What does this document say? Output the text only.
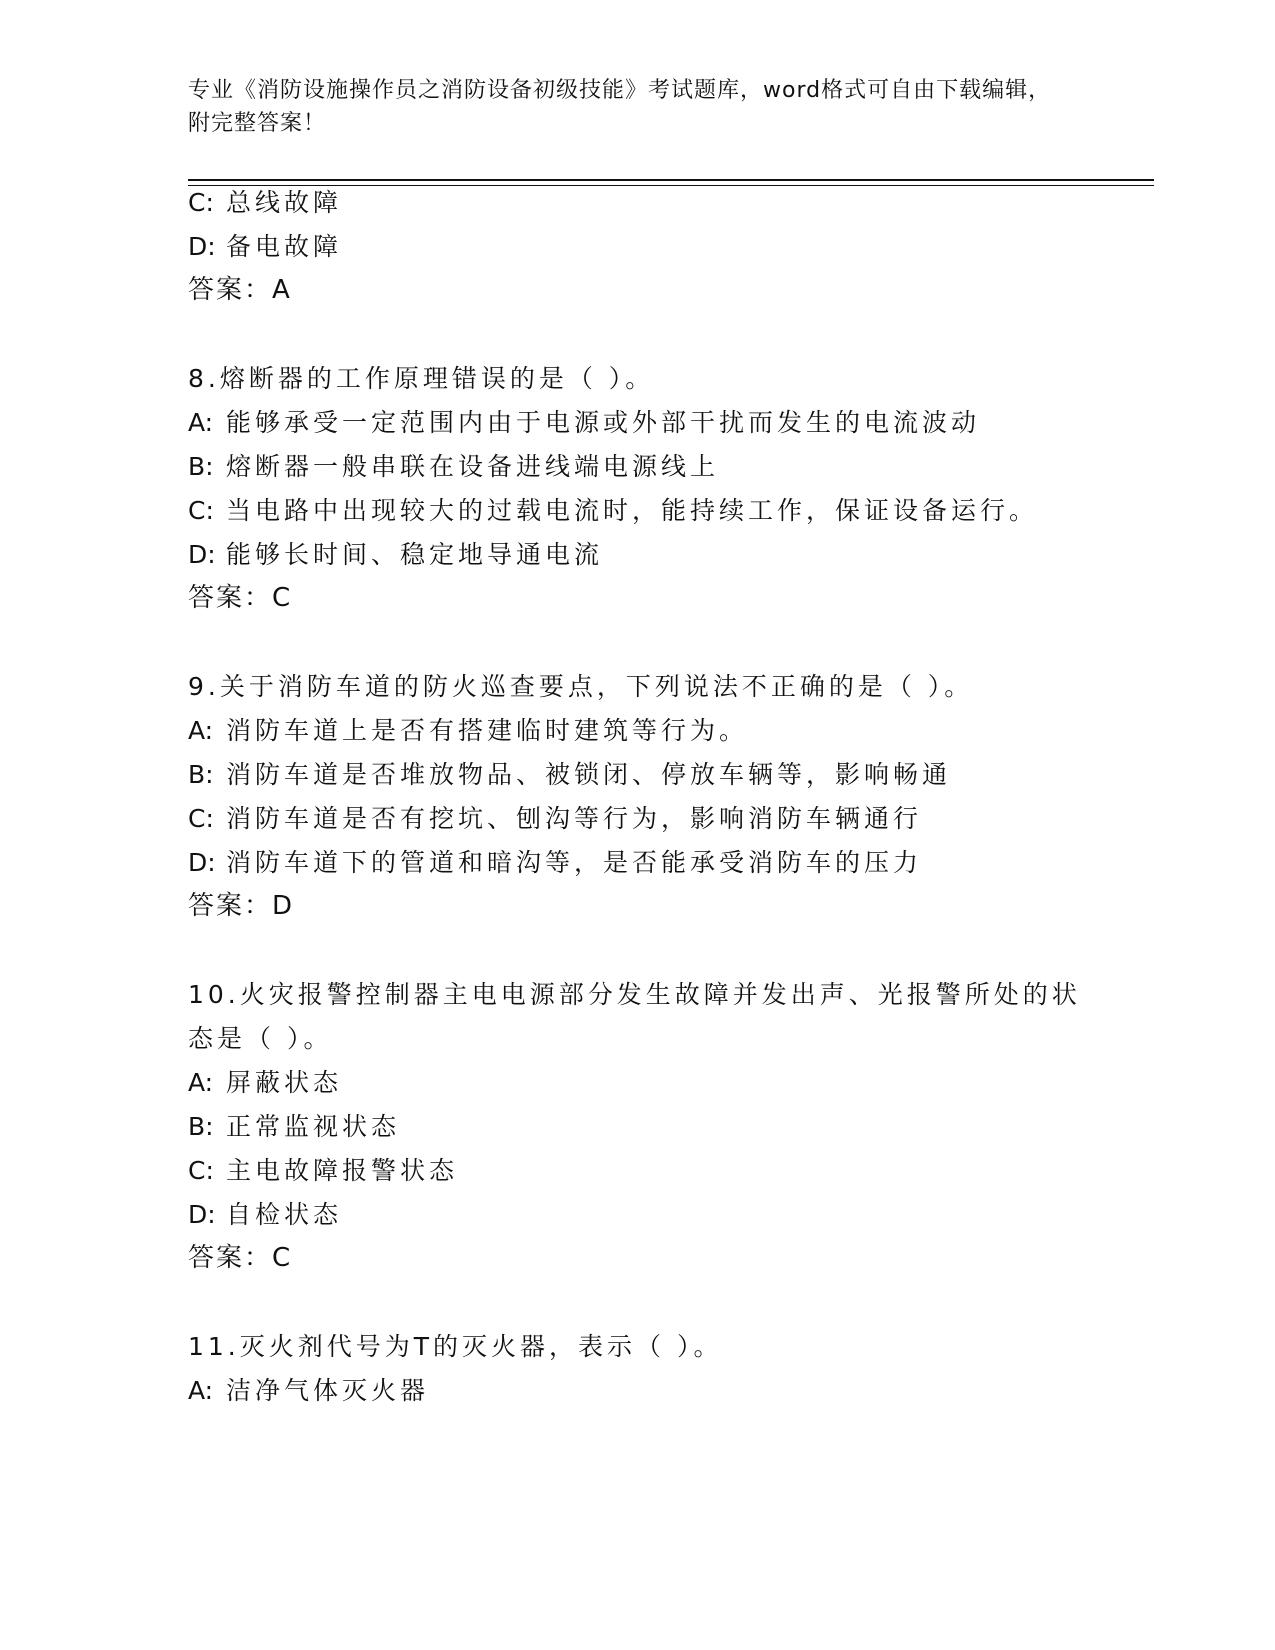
专业《消防设施操作员之消防设备初级技能》考试题库，word格式可自由下载编辑，附完整答案！
C: 总线故障
D: 备电故障
答案：A
8.熔断器的工作原理错误的是（ ）。
A: 能够承受一定范围内由于电源或外部干扰而发生的电流波动
B: 熔断器一般串联在设备进线端电源线上
C: 当电路中出现较大的过载电流时，能持续工作，保证设备运行。
D: 能够长时间、稳定地导通电流
答案：C
9.关于消防车道的防火巡查要点，下列说法不正确的是（ ）。
A: 消防车道上是否有搭建临时建筑等行为。
B: 消防车道是否堆放物品、被锁闭、停放车辆等，影响畅通
C: 消防车道是否有挖坑、刨沟等行为，影响消防车辆通行
D: 消防车道下的管道和暗沟等，是否能承受消防车的压力
答案：D
10.火灾报警控制器主电电源部分发生故障并发出声、光报警所处的状
态是（ ）。
A: 屏蔽状态
B: 正常监视状态
C: 主电故障报警状态
D: 自检状态
答案：C
11.灭火剂代号为T的灭火器，表示（ ）。
A: 洁净气体灭火器
